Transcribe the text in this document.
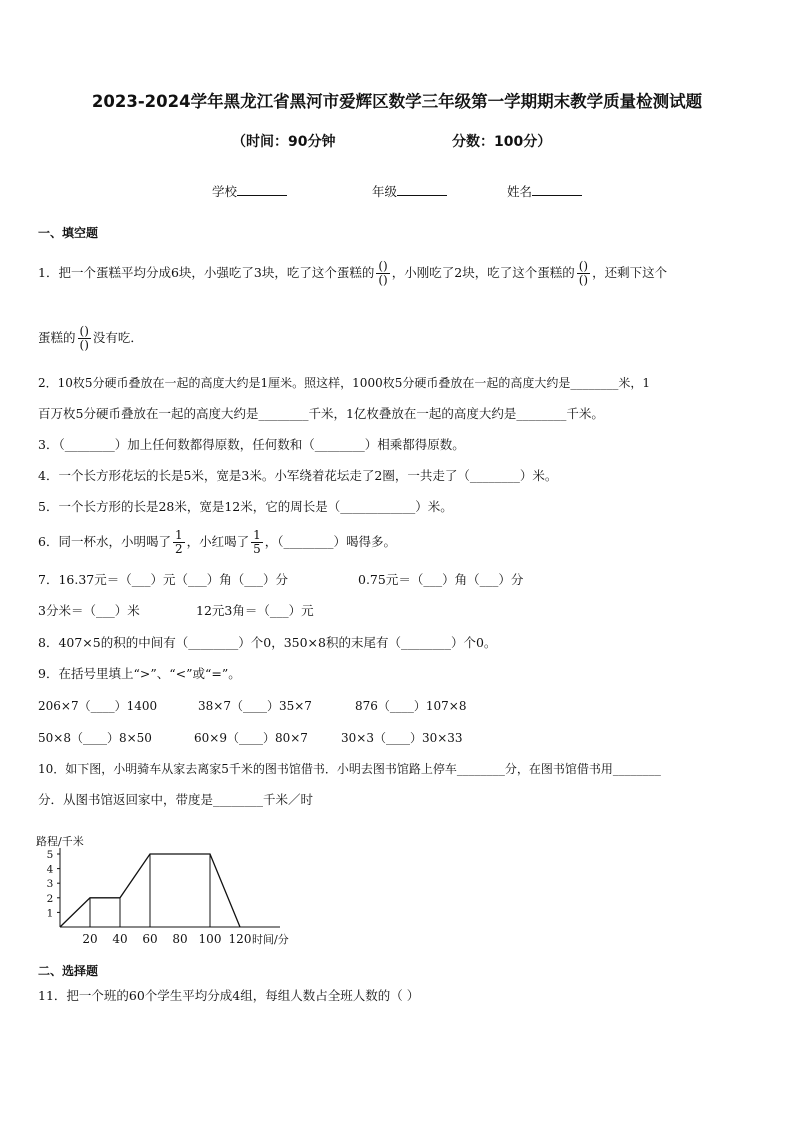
2023-2024学年黑龙江省黑河市爱辉区数学三年级第一学期期末教学质量检测试题
（时间：90分钟	分数：100分）
学校	年级	姓名
一、填空题
1．把一个蛋糕平均分成6块，小强吃了3块，吃了这个蛋糕的 $\frac{()}{()}$ ，小刚吃了2块，吃了这个蛋糕的 $\frac{()}{()}$ ，还剩下这个
蛋糕的 $\frac{()}{()}$ 没有吃．
2．10枚5分硬币叠放在一起的高度大约是1厘米。照这样，1000枚5分硬币叠放在一起的高度大约是________米，1
百万枚5分硬币叠放在一起的高度大约是________千米，1亿枚叠放在一起的高度大约是________千米。
3．（________）加上任何数都得原数，任何数和（________）相乘都得原数。
4．一个长方形花坛的长是5米，宽是3米。小军绕着花坛走了2圈，一共走了（________）米。
5．一个长方形的长是28米，宽是12米，它的周长是（____________）米。
6．同一杯水，小明喝了 $\frac{1}{2}$ ，小红喝了 $\frac{1}{5}$ ，（________）喝得多。
7．16.37元＝（___）元（___）角（___）分	0.75元＝（___）角（___）分
3分米＝（___）米	12元3角＝（___）元
8．407×5的积的中间有（________）个0，350×8积的末尾有（________）个0。
9．在括号里填上“>”、“<”或“=”。
206×7（____）1400	38×7（____）35×7	876（____）107×8
50×8（____）8×50	60×9（____）80×7	30×3（____）30×33
10．如下图，小明骑车从家去离家5千米的图书馆借书．小明去图书馆路上停车________分，在图书馆借书用________
分．从图书馆返回家中，带度是________千米／时
路程/千米
1
2
3
4
5
20 40 60 80 100 120 时间/分
二、选择题
11．把一个班的60个学生平均分成4组，每组人数占全班人数的（ ）
